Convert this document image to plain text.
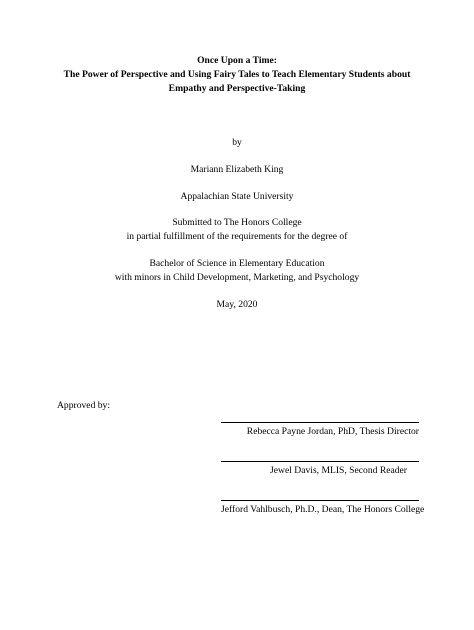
Once Upon a Time:
The Power of Perspective and Using Fairy Tales to Teach Elementary Students about
Empathy and Perspective-Taking
by
Mariann Elizabeth King
Appalachian State University
Submitted to The Honors College
in partial fulfillment of the requirements for the degree of
Bachelor of Science in Elementary Education
with minors in Child Development, Marketing, and Psychology
May, 2020
Approved by:
Rebecca Payne Jordan, PhD, Thesis Director
Jewel Davis, MLIS, Second Reader
Jefford Vahlbusch, Ph.D., Dean, The Honors College
